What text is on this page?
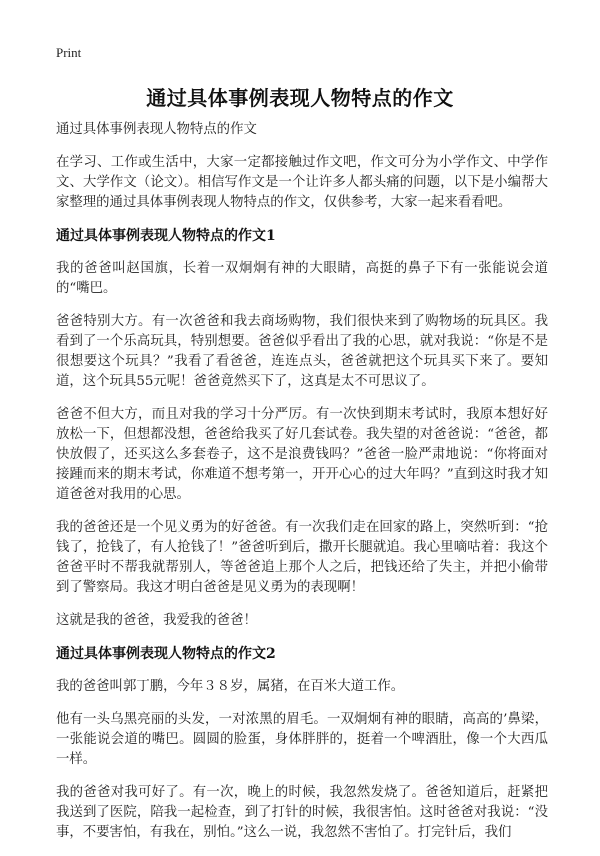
Print
通过具体事例表现人物特点的作文

通过具体事例表现人物特点的作文

在学习、工作或生活中，大家一定都接触过作文吧，作文可分为小学作文、中学作文、大学作文（论文）。相信写作文是一个让许多人都头痛的问题，以下是小编帮大家整理的通过具体事例表现人物特点的作文，仅供参考，大家一起来看看吧。

通过具体事例表现人物特点的作文1

我的爸爸叫赵国旗，长着一双炯炯有神的大眼睛，高挺的鼻子下有一张能说会道的“嘴巴。

爸爸特别大方。有一次爸爸和我去商场购物，我们很快来到了购物场的玩具区。我看到了一个乐高玩具，特别想要。爸爸似乎看出了我的心思，就对我说：“你是不是很想要这个玩具？”我看了看爸爸，连连点头，爸爸就把这个玩具买下来了。要知道，这个玩具55元呢！爸爸竟然买下了，这真是太不可思议了。

爸爸不但大方，而且对我的学习十分严厉。有一次快到期末考试时，我原本想好好放松一下，但想都没想，爸爸给我买了好几套试卷。我失望的对爸爸说：“爸爸，都快放假了，还买这么多套卷子，这不是浪费钱吗？”爸爸一脸严肃地说：“你将面对接踵而来的期末考试，你难道不想考第一，开开心心的过大年吗？”直到这时我才知道爸爸对我用的心思。

我的爸爸还是一个见义勇为的好爸爸。有一次我们走在回家的路上，突然听到：“抢钱了，抢钱了，有人抢钱了！”爸爸听到后，撒开长腿就追。我心里嘀咕着：我这个爸爸平时不帮我就帮别人，等爸爸追上那个人之后，把钱还给了失主，并把小偷带到了警察局。我这才明白爸爸是见义勇为的表现啊！

这就是我的爸爸，我爱我的爸爸！

通过具体事例表现人物特点的作文2

我的爸爸叫郭丁鹏，今年３８岁，属猪，在百米大道工作。

他有一头乌黑亮丽的头发，一对浓黑的眉毛。一双炯炯有神的眼睛，高高的’鼻梁，一张能说会道的嘴巴。圆圆的脸蛋，身体胖胖的，挺着一个啤酒肚，像一个大西瓜一样。

我的爸爸对我可好了。有一次，晚上的时候，我忽然发烧了。爸爸知道后，赶紧把我送到了医院，陪我一起检查，到了打针的时候，我很害怕。这时爸爸对我说：“没事，不要害怕，有我在，别怕。”这么一说，我忽然不害怕了。打完针后，我们
